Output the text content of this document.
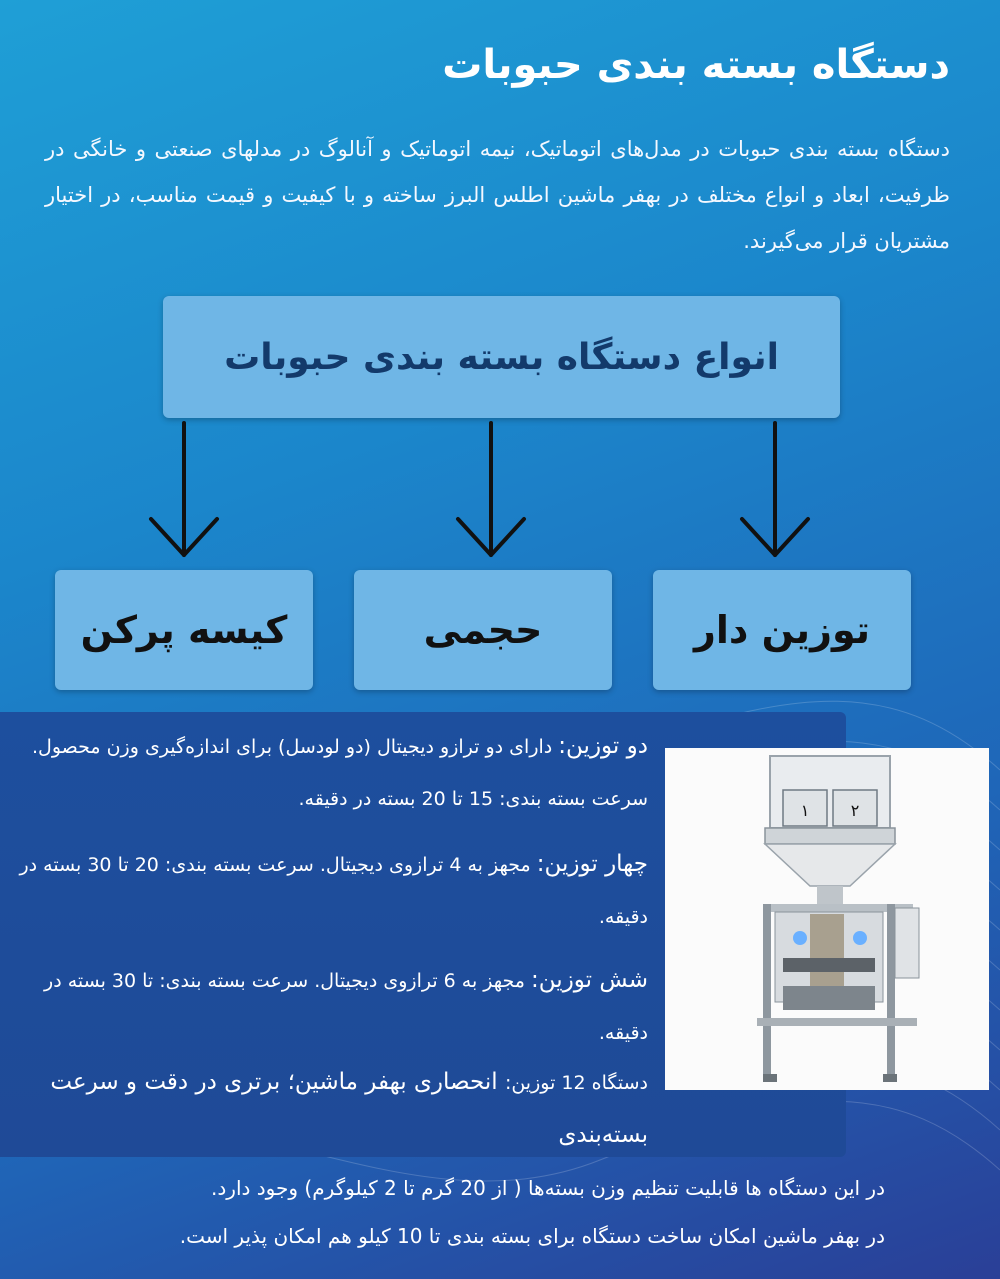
دستگاه بسته بندی حبوبات

دستگاه بسته بندی حبوبات در مدل‌های اتوماتیک، نیمه اتوماتیک و آنالوگ در مدلهای صنعتی و خانگی در ظرفیت، ابعاد و انواع مختلف در بهفر ماشین اطلس البرز ساخته و با کیفیت و قیمت مناسب، در اختیار مشتریان قرار می‌گیرند.

انواع دستگاه بسته بندی حبوبات
توزین دار
حجمی
کیسه پرکن

دو توزین: دارای دو ترازو دیجیتال (دو لودسل) برای اندازه‌گیری وزن محصول. سرعت بسته بندی: 15 تا 20 بسته در دقیقه.

چهار توزین: مجهز به 4 ترازوی دیجیتال. سرعت بسته بندی: 20 تا 30 بسته در دقیقه.

شش توزین: مجهز به 6 ترازوی دیجیتال. سرعت بسته بندی: تا 30 بسته در دقیقه.

دستگاه 12 توزین: انحصاری بهفر ماشین؛ برتری در دقت و سرعت بسته‌بندی

۱	۲

در این دستگاه ها قابلیت تنظیم وزن بسته‌ها ( از 20 گرم تا 2 کیلوگرم) وجود دارد.

در بهفر ماشین امکان ساخت دستگاه برای بسته بندی تا 10 کیلو هم امکان پذیر است.
